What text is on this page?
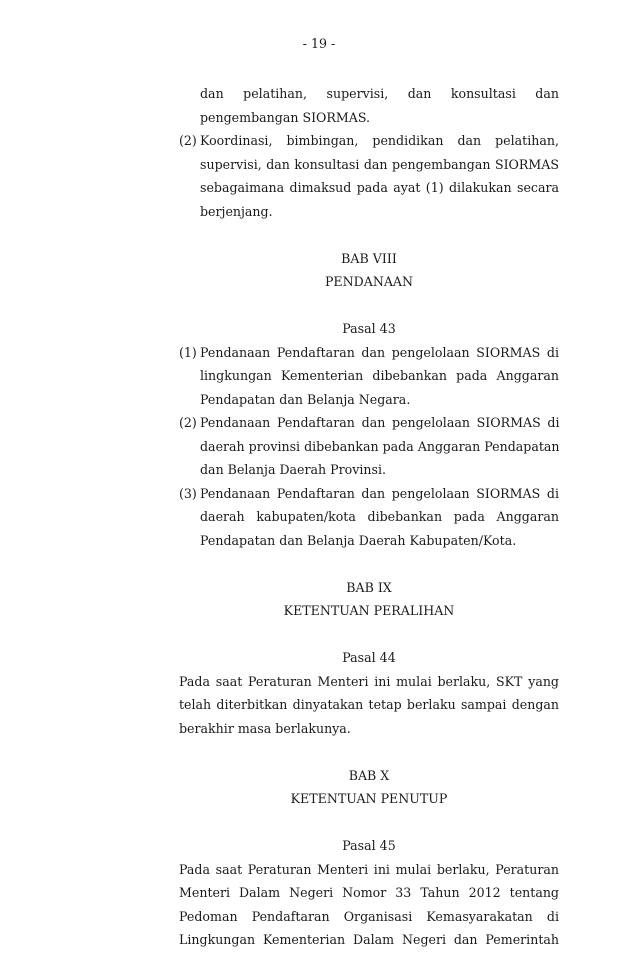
- 19 -
dan pelatihan, supervisi, dan konsultasi dan
pengembangan SIORMAS.
(2) Koordinasi, bimbingan, pendidikan dan pelatihan,
supervisi, dan konsultasi dan pengembangan SIORMAS
sebagaimana dimaksud pada ayat (1) dilakukan secara
berjenjang.
BAB VIII
PENDANAAN
Pasal 43
(1) Pendanaan Pendaftaran dan pengelolaan SIORMAS di
lingkungan Kementerian dibebankan pada Anggaran
Pendapatan dan Belanja Negara.
(2) Pendanaan Pendaftaran dan pengelolaan SIORMAS di
daerah provinsi dibebankan pada Anggaran Pendapatan
dan Belanja Daerah Provinsi.
(3) Pendanaan Pendaftaran dan pengelolaan SIORMAS di
daerah kabupaten/kota dibebankan pada Anggaran
Pendapatan dan Belanja Daerah Kabupaten/Kota.
BAB IX
KETENTUAN PERALIHAN
Pasal 44
Pada saat Peraturan Menteri ini mulai berlaku, SKT yang
telah diterbitkan dinyatakan tetap berlaku sampai dengan
berakhir masa berlakunya.
BAB X
KETENTUAN PENUTUP
Pasal 45
Pada saat Peraturan Menteri ini mulai berlaku, Peraturan
Menteri Dalam Negeri Nomor 33 Tahun 2012 tentang
Pedoman Pendaftaran Organisasi Kemasyarakatan di
Lingkungan Kementerian Dalam Negeri dan Pemerintah
